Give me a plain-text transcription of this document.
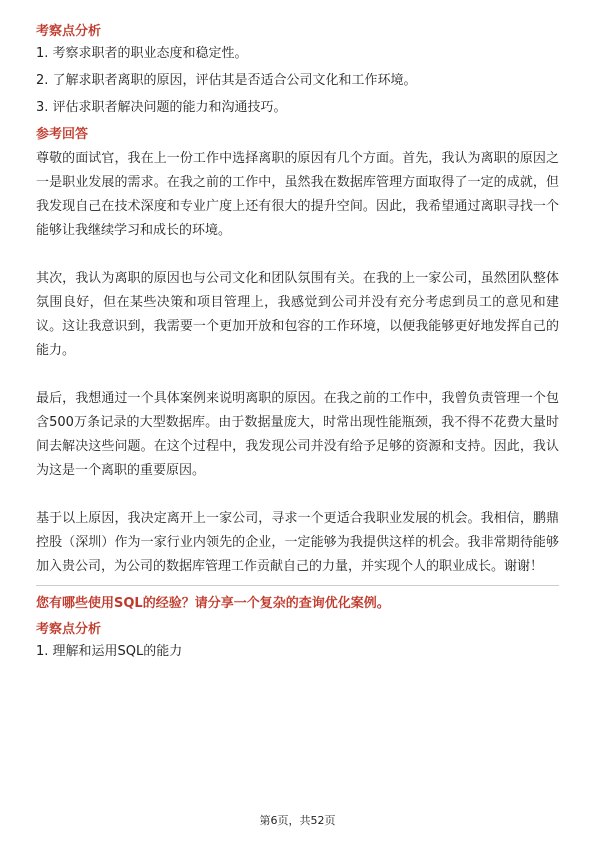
考察点分析
1. 考察求职者的职业态度和稳定性。
2. 了解求职者离职的原因，评估其是否适合公司文化和工作环境。
3. 评估求职者解决问题的能力和沟通技巧。
参考回答

尊敬的面试官，我在上一份工作中选择离职的原因有几个方面。首先，我认为离职的原因之一是职业发展的需求。在我之前的工作中，虽然我在数据库管理方面取得了一定的成就，但我发现自己在技术深度和专业广度上还有很大的提升空间。因此，我希望通过离职寻找一个能够让我继续学习和成长的环境。

其次，我认为离职的原因也与公司文化和团队氛围有关。在我的上一家公司，虽然团队整体氛围良好，但在某些决策和项目管理上，我感觉到公司并没有充分考虑到员工的意见和建议。这让我意识到，我需要一个更加开放和包容的工作环境，以便我能够更好地发挥自己的能力。

最后，我想通过一个具体案例来说明离职的原因。在我之前的工作中，我曾负责管理一个包含500万条记录的大型数据库。由于数据量庞大，时常出现性能瓶颈，我不得不花费大量时间去解决这些问题。在这个过程中，我发现公司并没有给予足够的资源和支持。因此，我认为这是一个离职的重要原因。

基于以上原因，我决定离开上一家公司，寻求一个更适合我职业发展的机会。我相信，鹏鼎控股（深圳）作为一家行业内领先的企业，一定能够为我提供这样的机会。我非常期待能够加入贵公司，为公司的数据库管理工作贡献自己的力量，并实现个人的职业成长。谢谢！

您有哪些使用SQL的经验？请分享一个复杂的查询优化案例。
考察点分析
1. 理解和运用SQL的能力
第6页，共52页
